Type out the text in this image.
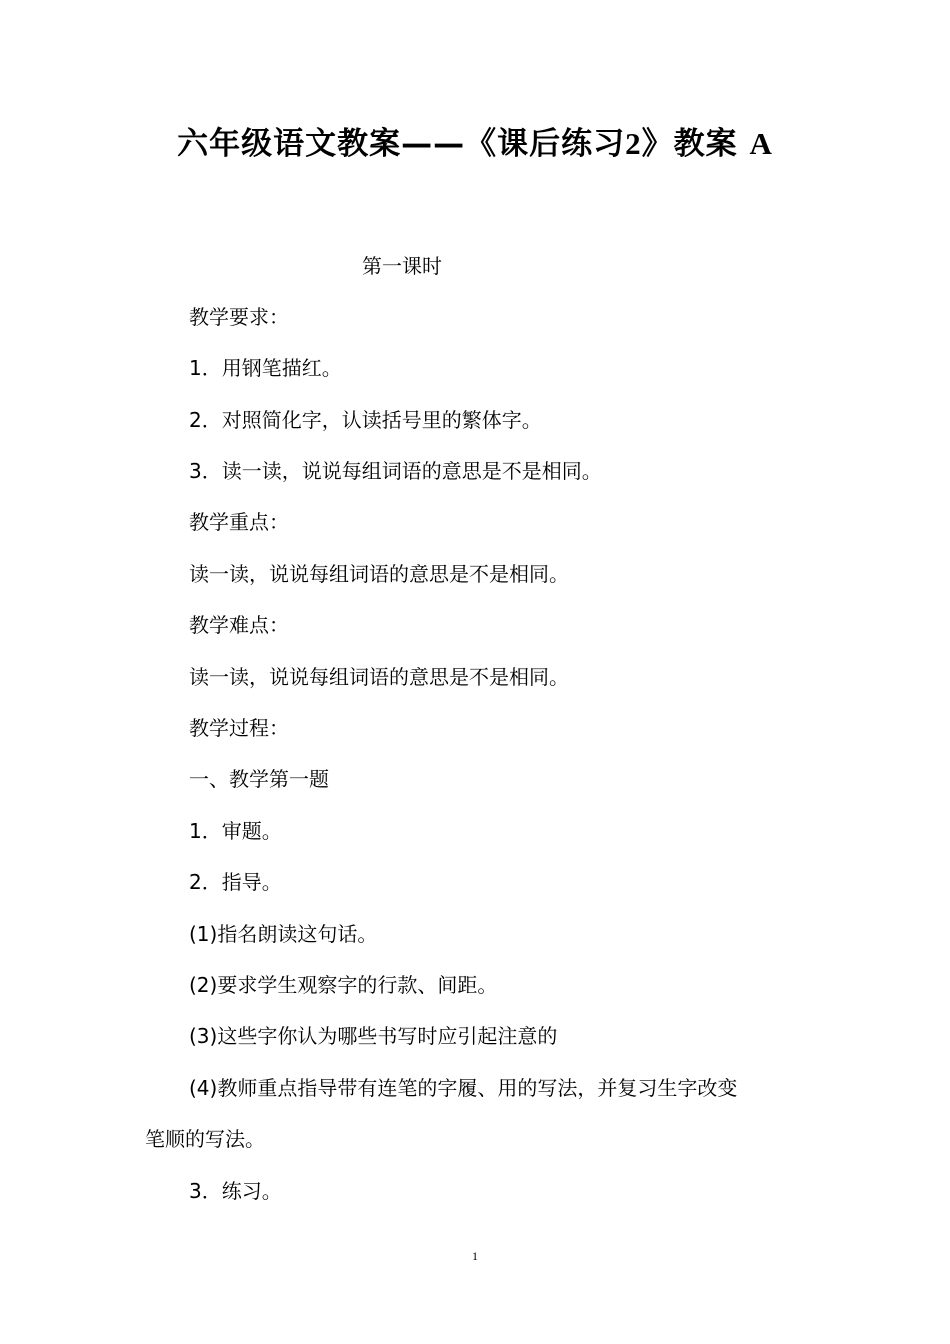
六年级语文教案——《课后练习2》教案 A
第一课时
教学要求：
1．用钢笔描红。
2．对照简化字，认读括号里的繁体字。
3．读一读，说说每组词语的意思是不是相同。
教学重点：
读一读，说说每组词语的意思是不是相同。
教学难点：
读一读，说说每组词语的意思是不是相同。
教学过程：
一、教学第一题
1．审题。
2．指导。
(1)指名朗读这句话。
(2)要求学生观察字的行款、间距。
(3)这些字你认为哪些书写时应引起注意的
(4)教师重点指导带有连笔的字履、用的写法，并复习生字改变
笔顺的写法。
3．练习。
1
